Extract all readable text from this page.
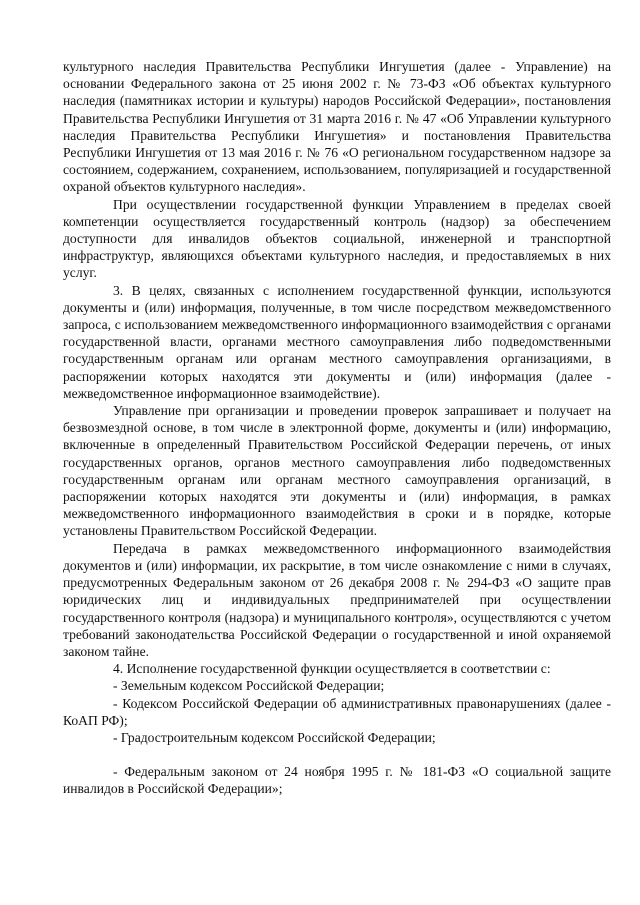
культурного наследия Правительства Республики Ингушетия (далее - Управление) на основании Федерального закона от 25 июня 2002 г. № 73-ФЗ «Об объектах культурного наследия (памятниках истории и культуры) народов Российской Федерации», постановления Правительства Республики Ингушетия от 31 марта 2016 г. № 47 «Об Управлении культурного наследия Правительства Республики Ингушетия» и постановления Правительства Республики Ингушетия от 13 мая 2016 г. № 76 «О региональном государственном надзоре за состоянием, содержанием, сохранением, использованием, популяризацией и государственной охраной объектов культурного наследия».

При осуществлении государственной функции Управлением в пределах своей компетенции осуществляется государственный контроль (надзор) за обеспечением доступности для инвалидов объектов социальной, инженерной и транспортной инфраструктур, являющихся объектами культурного наследия, и предоставляемых в них услуг.

3. В целях, связанных с исполнением государственной функции, используются документы и (или) информация, полученные, в том числе посредством межведомственного запроса, с использованием межведомственного информационного взаимодействия с органами государственной власти, органами местного самоуправления либо подведомственными государственным органам или органам местного самоуправления организациями, в распоряжении которых находятся эти документы и (или) информация (далее - межведомственное информационное взаимодействие).

Управление при организации и проведении проверок запрашивает и получает на безвозмездной основе, в том числе в электронной форме, документы и (или) информацию, включенные в определенный Правительством Российской Федерации перечень, от иных государственных органов, органов местного самоуправления либо подведомственных государственным органам или органам местного самоуправления организаций, в распоряжении которых находятся эти документы и (или) информация, в рамках межведомственного информационного взаимодействия в сроки и в порядке, которые установлены Правительством Российской Федерации.

Передача в рамках межведомственного информационного взаимодействия документов и (или) информации, их раскрытие, в том числе ознакомление с ними в случаях, предусмотренных Федеральным законом от 26 декабря 2008 г. № 294-ФЗ «О защите прав юридических лиц и индивидуальных предпринимателей при осуществлении государственного контроля (надзора) и муниципального контроля», осуществляются с учетом требований законодательства Российской Федерации о государственной и иной охраняемой законом тайне.

4. Исполнение государственной функции осуществляется в соответствии с:

- Земельным кодексом Российской Федерации;

- Кодексом Российской Федерации об административных правонарушениях (далее - КоАП РФ);

- Градостроительным кодексом Российской Федерации;

- Федеральным законом от 24 ноября 1995 г. № 181-ФЗ «О социальной защите инвалидов в Российской Федерации»;
